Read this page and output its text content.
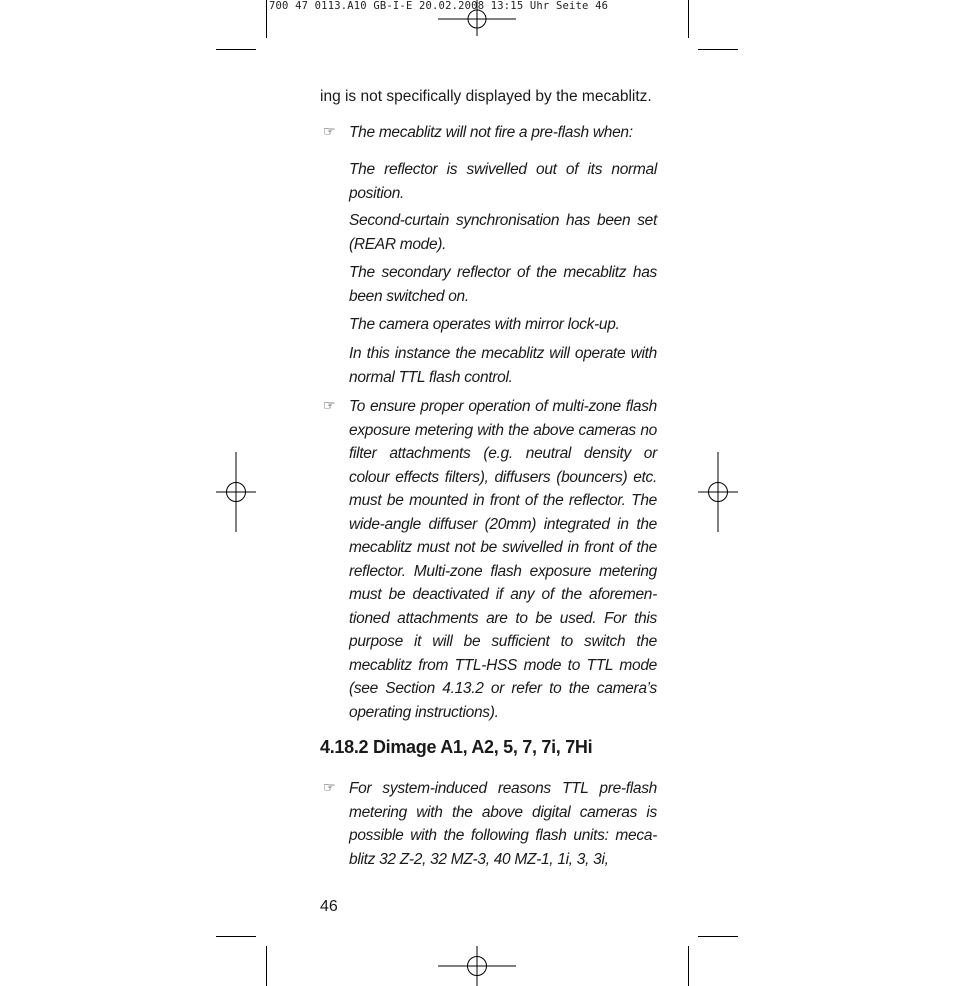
700 47 0113.A10 GB-I-E 20.02.2008 13:15 Uhr Seite 46

ing is not specifically displayed by the mecablitz.

☞ The mecablitz will not fire a pre-flash when:

The reflector is swivelled out of its normal position.

Second-curtain synchronisation has been set (REAR mode).

The secondary reflector of the mecablitz has been switched on.

The camera operates with mirror lock-up.

In this instance the mecablitz will operate with normal TTL flash control.

☞ To ensure proper operation of multi-zone flash exposure metering with the above cameras no filter attachments (e.g. neutral density or colour effects filters), diffusers (bouncers) etc. must be mounted in front of the reflector. The wide-angle diffuser (20mm) integrated in the mecablitz must not be swivelled in front of the reflector. Multi-zone flash exposure metering must be deactivated if any of the aforemen-tioned attachments are to be used. For this purpose it will be sufficient to switch the mecablitz from TTL-HSS mode to TTL mode (see Section 4.13.2 or refer to the camera’s operating instructions).

4.18.2 Dimage A1, A2, 5, 7, 7i, 7Hi
☞ For system-induced reasons TTL pre-flash metering with the above digital cameras is possible with the following flash units: meca-blitz 32 Z-2, 32 MZ-3, 40 MZ-1, 1i, 3, 3i,

46
